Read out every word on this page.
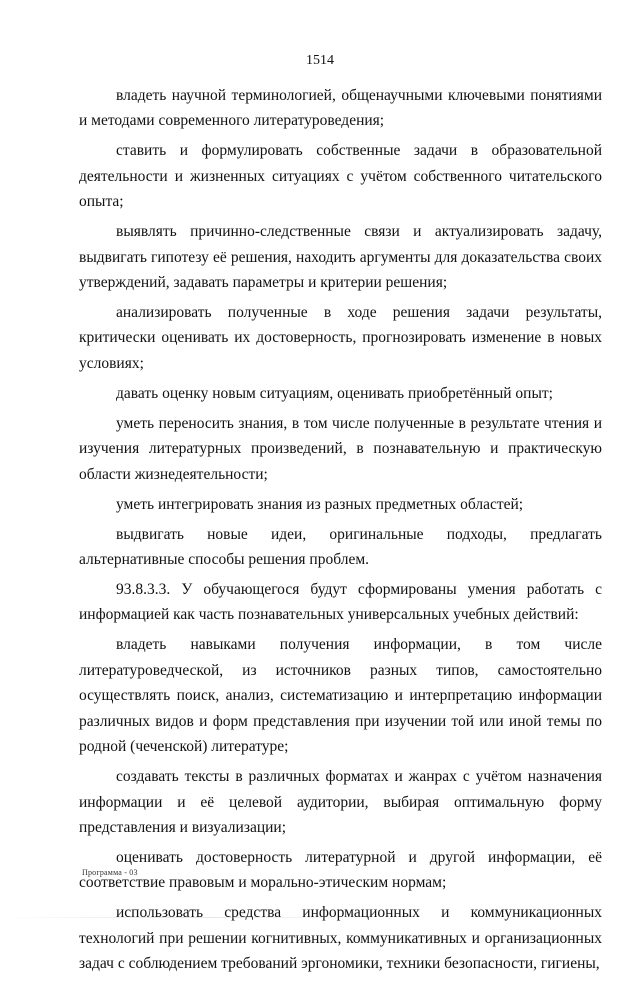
1514

владеть научной терминологией, общенаучными ключевыми понятиями и методами современного литературоведения;

ставить и формулировать собственные задачи в образовательной деятельности и жизненных ситуациях с учётом собственного читательского опыта;

выявлять причинно-следственные связи и актуализировать задачу, выдвигать гипотезу её решения, находить аргументы для доказательства своих утверждений, задавать параметры и критерии решения;

анализировать полученные в ходе решения задачи результаты, критически оценивать их достоверность, прогнозировать изменение в новых условиях;

давать оценку новым ситуациям, оценивать приобретённый опыт;

уметь переносить знания, в том числе полученные в результате чтения и изучения литературных произведений, в познавательную и практическую области жизнедеятельности;

уметь интегрировать знания из разных предметных областей;

выдвигать новые идеи, оригинальные подходы, предлагать альтернативные способы решения проблем.

93.8.3.3. У обучающегося будут сформированы умения работать с информацией как часть познавательных универсальных учебных действий:

владеть навыками получения информации, в том числе литературоведческой, из источников разных типов, самостоятельно осуществлять поиск, анализ, систематизацию и интерпретацию информации различных видов и форм представления при изучении той или иной темы по родной (чеченской) литературе;

создавать тексты в различных форматах и жанрах с учётом назначения информации и её целевой аудитории, выбирая оптимальную форму представления и визуализации;

оценивать достоверность литературной и другой информации, её соответствие правовым и морально-этическим нормам;

использовать средства информационных и коммуникационных технологий при решении когнитивных, коммуникативных и организационных задач с соблюдением требований эргономики, техники безопасности, гигиены,

Программа - 03
